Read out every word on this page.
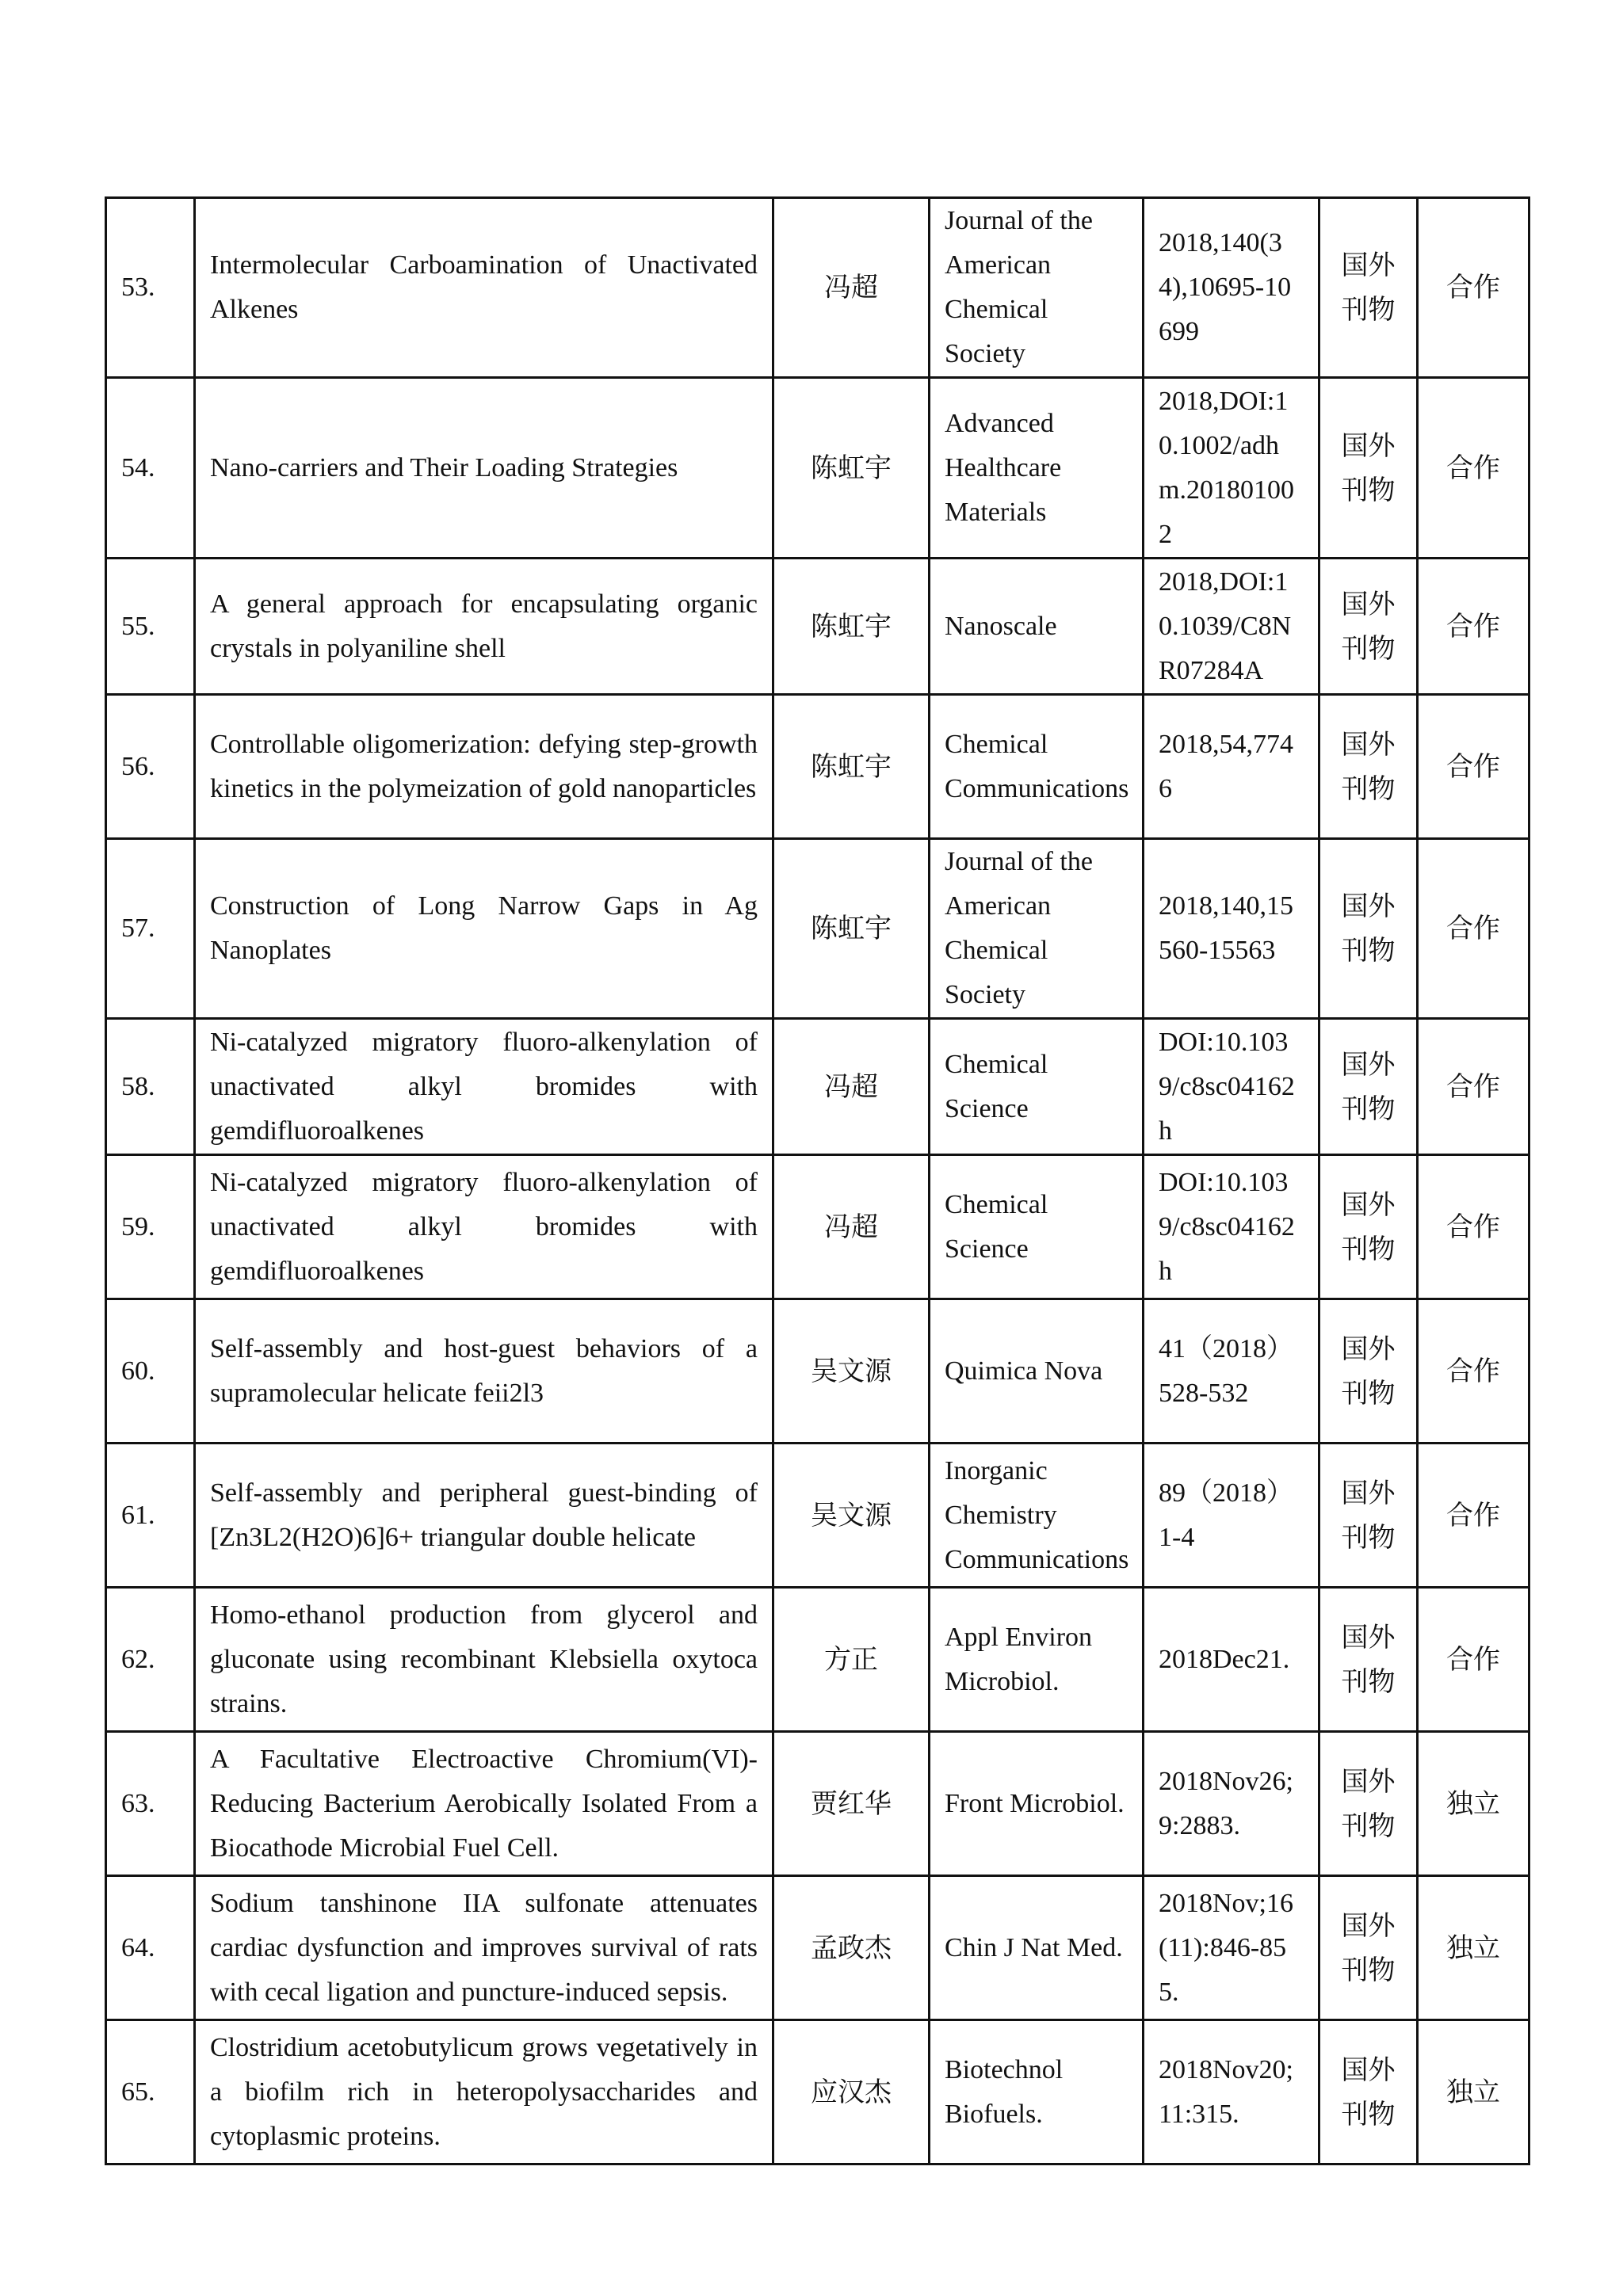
53.	Intermolecular Carboamination of Unactivated Alkenes	冯超	Journal of the American Chemical Society	2018,140(34),10695-10699	国外刊物	合作
54.	Nano-carriers and Their Loading Strategies	陈虹宇	Advanced Healthcare Materials	2018,DOI:10.1002/adhm.201801002	国外刊物	合作
55.	A general approach for encapsulating organic crystals in polyaniline shell	陈虹宇	Nanoscale	2018,DOI:10.1039/C8NR07284A	国外刊物	合作
56.	Controllable oligomerization: defying step-growth kinetics in the polymeization of gold nanoparticles	陈虹宇	Chemical Communications	2018,54,7746	国外刊物	合作
57.	Construction of Long Narrow Gaps in Ag Nanoplates	陈虹宇	Journal of the American Chemical Society	2018,140,15560-15563	国外刊物	合作
58.	Ni-catalyzed migratory fluoro-alkenylation of unactivated alkyl bromides with gemdifluoroalkenes	冯超	Chemical Science	DOI:10.1039/c8sc04162h	国外刊物	合作
59.	Ni-catalyzed migratory fluoro-alkenylation of unactivated alkyl bromides with gemdifluoroalkenes	冯超	Chemical Science	DOI:10.1039/c8sc04162h	国外刊物	合作
60.	Self-assembly and host-guest behaviors of a supramolecular helicate feii2l3	吴文源	Quimica Nova	41（2018）528-532	国外刊物	合作
61.	Self-assembly and peripheral guest-binding of [Zn3L2(H2O)6]6+ triangular double helicate	吴文源	Inorganic Chemistry Communications	89（2018）1-4	国外刊物	合作
62.	Homo-ethanol production from glycerol and gluconate using recombinant Klebsiella oxytoca strains.	方正	Appl Environ Microbiol.	2018Dec21.	国外刊物	合作
63.	A Facultative Electroactive Chromium(VI)-Reducing Bacterium Aerobically Isolated From a Biocathode Microbial Fuel Cell.	贾红华	Front Microbiol.	2018Nov26;9:2883.	国外刊物	独立
64.	Sodium tanshinone IIA sulfonate attenuates cardiac dysfunction and improves survival of rats with cecal ligation and puncture-induced sepsis.	孟政杰	Chin J Nat Med.	2018Nov;16(11):846-855.	国外刊物	独立
65.	Clostridium acetobutylicum grows vegetatively in a biofilm rich in heteropolysaccharides and cytoplasmic proteins.	应汉杰	Biotechnol Biofuels.	2018Nov20;11:315.	国外刊物	独立
